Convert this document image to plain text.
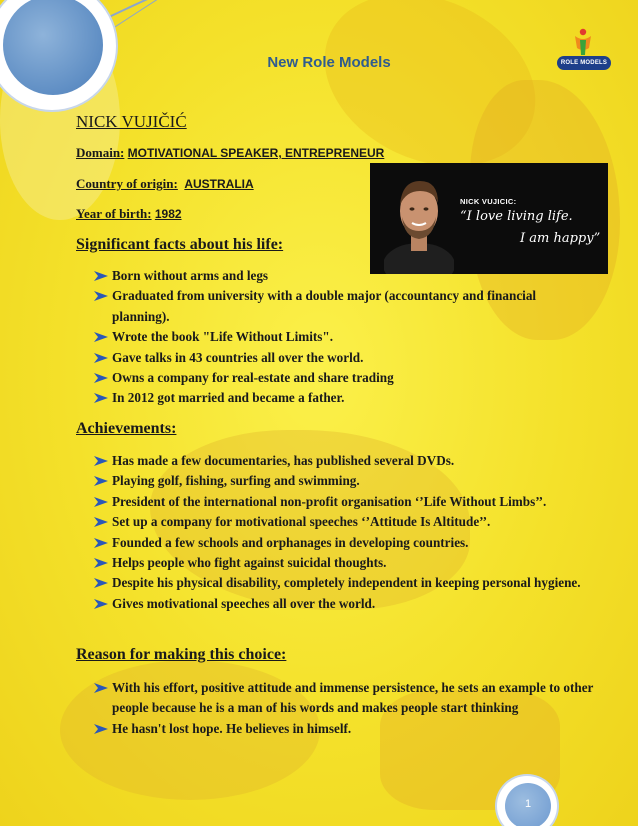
New Role Models	ROLE MODELS
NICK VUJIČIĆ
Domain: MOTIVATIONAL SPEAKER, ENTREPRENEUR
Country of origin: AUSTRALIA
Year of birth: 1982
NICK VUJICIC:
“I love living life.
I am happy”
Significant facts about his life:
Born without arms and legs
Graduated from university with a double major (accountancy and financial planning).
Wrote the book "Life Without Limits".
Gave talks in 43 countries all over the world.
Owns a company for real-estate and share trading
In 2012 got married and became a father.
Achievements:
Has made a few documentaries, has published several DVDs.
Playing golf, fishing, surfing and swimming.
President of the international non-profit organisation ‘’Life Without Limbs’’.
Set up a company for motivational speeches ‘’Attitude Is Altitude’’.
Founded a few schools and orphanages in developing countries.
Helps people who fight against suicidal thoughts.
Despite his physical disability, completely independent in keeping personal hygiene.
Gives motivational speeches all over the world.
Reason for making this choice:
With his effort, positive attitude and immense persistence, he sets an example to other people because he is a man of his words and makes people start thinking
He hasn't lost hope. He believes in himself.
1
